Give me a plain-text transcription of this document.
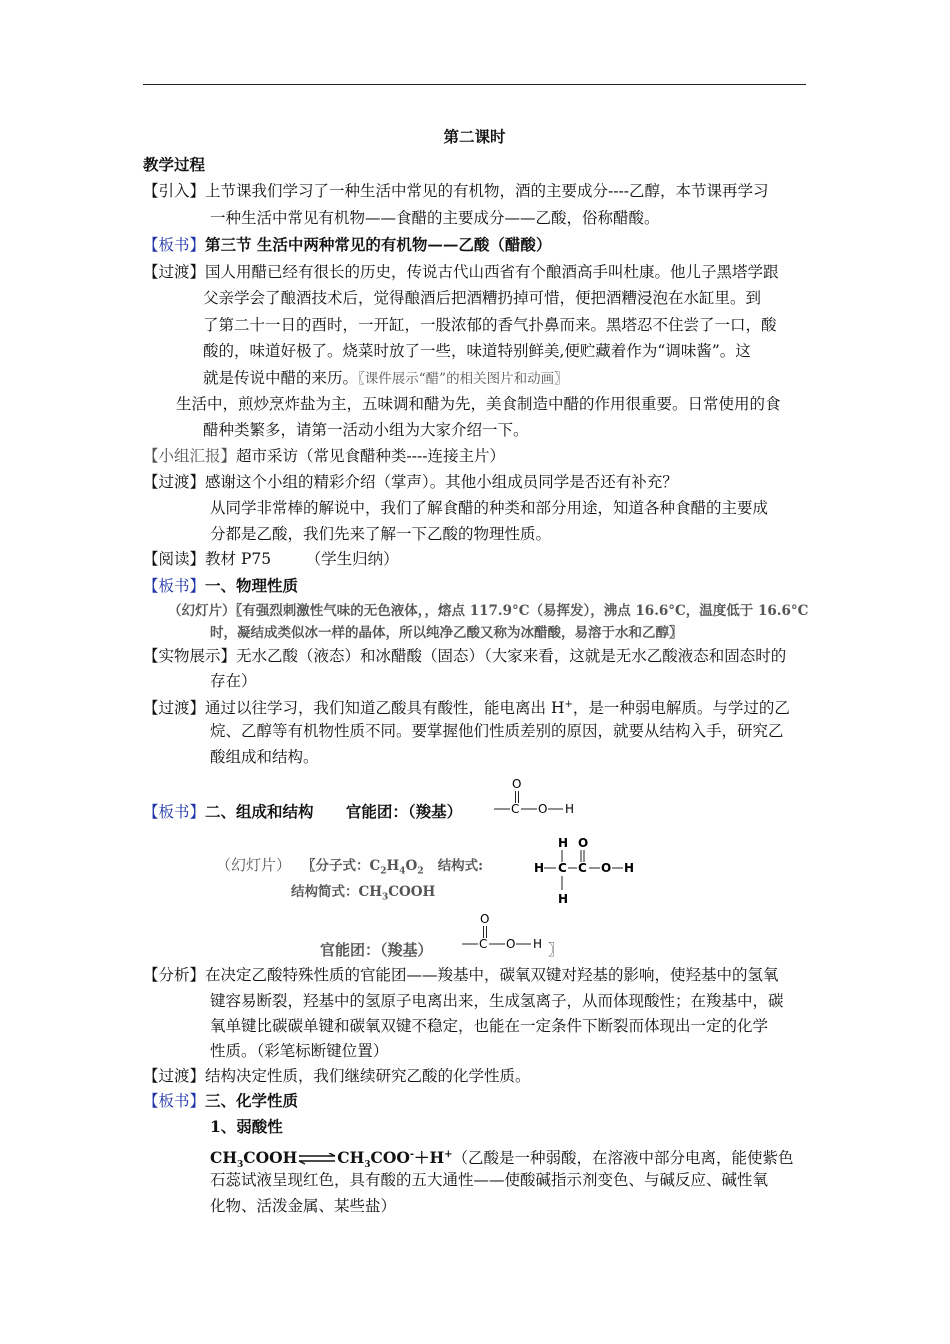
第二课时
教学过程
【引入】上节课我们学习了一种生活中常见的有机物，酒的主要成分----乙醇，本节课再学习
一种生活中常见有机物——食醋的主要成分——乙酸，俗称醋酸。
【板书】第三节 生活中两种常见的有机物——乙酸（醋酸）
【过渡】国人用醋已经有很长的历史，传说古代山西省有个酿酒高手叫杜康。他儿子黑塔学跟
父亲学会了酿酒技术后，觉得酿酒后把酒糟扔掉可惜，便把酒糟浸泡在水缸里。到
了第二十一日的酉时，一开缸，一股浓郁的香气扑鼻而来。黑塔忍不住尝了一口，酸
酸的，味道好极了。烧菜时放了一些，味道特别鲜美,便贮藏着作为“调味酱”。这
就是传说中醋的来历。〖课件展示“醋”的相关图片和动画〗
生活中，煎炒烹炸盐为主，五味调和醋为先，美食制造中醋的作用很重要。日常使用的食
醋种类繁多，请第一活动小组为大家介绍一下。
【小组汇报】超市采访（常见食醋种类----连接主片）
【过渡】感谢这个小组的精彩介绍（掌声）。其他小组成员同学是否还有补充？
从同学非常棒的解说中，我们了解食醋的种类和部分用途，知道各种食醋的主要成
分都是乙酸，我们先来了解一下乙酸的物理性质。
【阅读】教材 P75       （学生归纳）
【板书】一、物理性质
（幻灯片）〖有强烈刺激性气味的无色液体，，熔点 117.9°C（易挥发），沸点 16.6°C，温度低于 16.6°C
时，凝结成类似冰一样的晶体，所以纯净乙酸又称为冰醋酸，易溶于水和乙醇〗
【实物展示】无水乙酸（液态）和冰醋酸（固态）（大家来看，这就是无水乙酸液态和固态时的
存在）
【过渡】通过以往学习，我们知道乙酸具有酸性，能电离出 H+，是一种弱电解质。与学过的乙
烷、乙醇等有机物性质不同。要掌握他们性质差别的原因，就要从结构入手，研究乙
酸组成和结构。
【板书】二、组成和结构      官能团：（羧基）
O
C O H
（幻灯片） 〖分子式：$C_2H_4O_2$ 结构式:
结构简式：$CH_3COOH$
H O
H C C O H
H
官能团：（羧基）
O
C O H 〗
【分析】在决定乙酸特殊性质的官能团——羧基中，碳氧双键对羟基的影响，使羟基中的氢氧
键容易断裂，羟基中的氢原子电离出来，生成氢离子，从而体现酸性；在羧基中，碳
氧单键比碳碳单键和碳氧双键不稳定，也能在一定条件下断裂而体现出一定的化学
性质。（彩笔标断键位置）
【过渡】结构决定性质，我们继续研究乙酸的化学性质。
【板书】三、化学性质
1、弱酸性
$CH_3COOH\rightleftharpoons CH_3COO^-+H^+$（乙酸是一种弱酸，在溶液中部分电离，能使紫色
石蕊试液呈现红色，具有酸的五大通性——使酸碱指示剂变色、与碱反应、碱性氧
化物、活泼金属、某些盐）
